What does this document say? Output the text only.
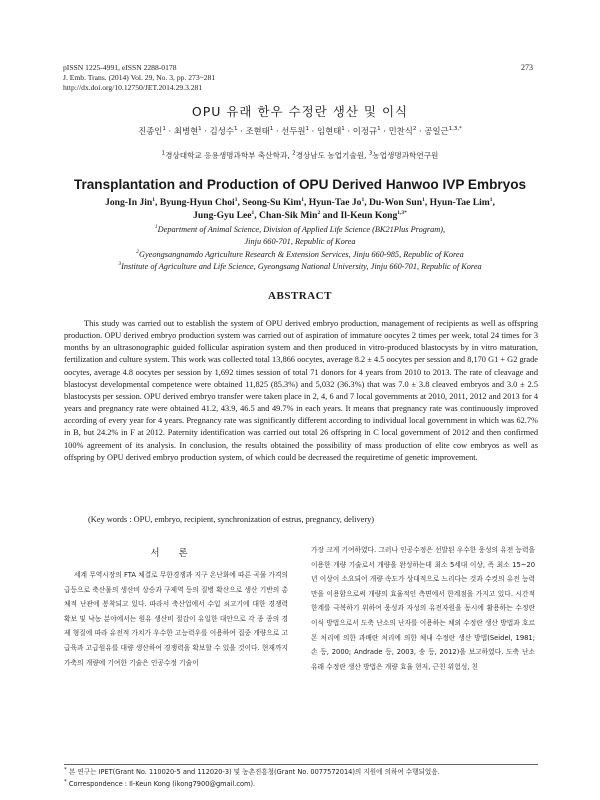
pISSN 1225-4991, eISSN 2288-0178
J. Emb. Trans. (2014) Vol. 29, No. 3, pp. 273~281
http://dx.doi.org/10.12750/JET.2014.29.3.281
273
OPU 유래 한우 수정란 생산 및 이식
진종인$^1$ · 최병현$^1$ · 김성수$^1$ · 조현태$^1$ · 선두원$^1$ · 임현태$^1$ · 이정규$^1$ · 민찬식$^2$ · 공일근$^{1,3,*}$
$^1$경상대학교 응용생명과학부 축산학과, $^2$경상남도 농업기술원, $^3$농업생명과학연구원
Transplantation and Production of OPU Derived Hanwoo IVP Embryos
Jong-In Jin$^1$, Byung-Hyun Choi$^1$, Seong-Su Kim$^1$, Hyun-Tae Jo$^1$, Du-Won Sun$^1$, Hyun-Tae Lim$^1$,
Jung-Gyu Lee$^1$, Chan-Sik Min$^2$ and Il-Keun Kong$^{1,3*}$
$^1$Department of Animal Science, Division of Applied Life Science (BK21Plus Program),
Jinju 660-701, Republic of Korea
$^2$Gyeongsangnamdo Agriculture Research & Extension Services, Jinju 660-985, Republic of Korea
$^3$Institute of Agriculture and Life Science, Gyeongsang National University, Jinju 660-701, Republic of Korea
ABSTRACT

This study was carried out to establish the system of OPU derived embryo production, management of recipients as well as offspring production. OPU derived embryo production system was carried out of aspiration of immature oocytes 2 times per week, total 24 times for 3 months by an ultrasonographic guided follicular aspiration system and then produced in vitro-produced blastocysts by in vitro maturation, fertilization and culture system. This work was collected total 13,866 oocytes, average 8.2 ± 4.5 oocytes per session and 8,170 G1 + G2 grade oocytes, average 4.8 oocytes per session by 1,692 times session of total 71 donors for 4 years from 2010 to 2013. The rate of cleavage and blastocyst developmental competence were obtained 11,825 (85.3%) and 5,032 (36.3%) that was 7.0 ± 3.8 cleaved embryos and 3.0 ± 2.5 blastocysts per session. OPU derived embryo transfer were taken place in 2, 4, 6 and 7 local governments at 2010, 2011, 2012 and 2013 for 4 years and pregnancy rate were obtained 41.2, 43.9, 46.5 and 49.7% in each years. It means that pregnancy rate was continuously improved according of every year for 4 years. Pregnancy rate was significantly different according to individual local government in which was 62.7% in B, but 24.2% in F at 2012. Paternity identification was carried out total 26 offspring in C local government of 2012 and then confirmed 100% agreement of its analysis. In conclusion, the results obtained the possibility of mass production of elite cow embryos as well as offspring by OPU derived embryo production system, of which could be decreased the requiretime of genetic improvement.

(Key words : OPU, embryo, recipient, synchronization of estrus, pregnancy, delivery)
서 론

세계 무역시장의 FTA 체결로 무한경쟁과 지구 온난화에 따른 곡물 가격의 급등으로 축산물의 생산비 상승과 구제역 등의 질병 확산으로 생산 기반의 총체적 난관에 봉착되고 있다. 따라서 축산업에서 수입 쇠고기에 대한 경쟁력 확보 및 낙농 분야에서는 원유 생산비 절감이 유일한 대안으로 각 종 종의 경제 형질에 따라 유전적 가치가 우수한 고능력우를 이용하여 집중 개량으로 고급육과 고급원유를 대량 생산하여 경쟁력을 확보할 수 있을 것이다. 현재까지 가축의 개량에 기여한 기술은 인공수정 기술이

가장 크게 기여하였다. 그러나 인공수정은 선발된 우수한 웅성의 유전 능력을 이용한 개량 기술로서 개량을 완성하는데 최소 5세대 이상, 즉 최소 15~20년 이상이 소요되어 개량 속도가 상대적으로 느리다는 것과 수컷의 유전 능력만을 이용함으로써 개량의 효율적인 측면에서 한계점을 가지고 있다. 시간적 한계를 극복하기 위하여 웅성과 자성의 유전자원을 동시에 활용하는 수정란 이식 방법으로서 도축 난소의 난자를 이용하는 체외 수정란 생산 방법과 호르몬 처리에 의한 과배란 처리에 의한 체내 수정란 생산 방법(Seidel, 1981; 손 등, 2000; Andrade 등, 2003, 송 등, 2012)을 보고하였다. 도축 난소 유래 수정란 생산 방법은 개량 효율 현저, 근친 위험성, 친

* 본 연구는 IPET(Grant No. 110020-5 and 112020-3) 및 농촌진흥청(Grant No. 0077572014)의 지원에 의하여 수행되었음.
* Correspondence : Il-Keun Kong (ikong7900@gmail.com).
